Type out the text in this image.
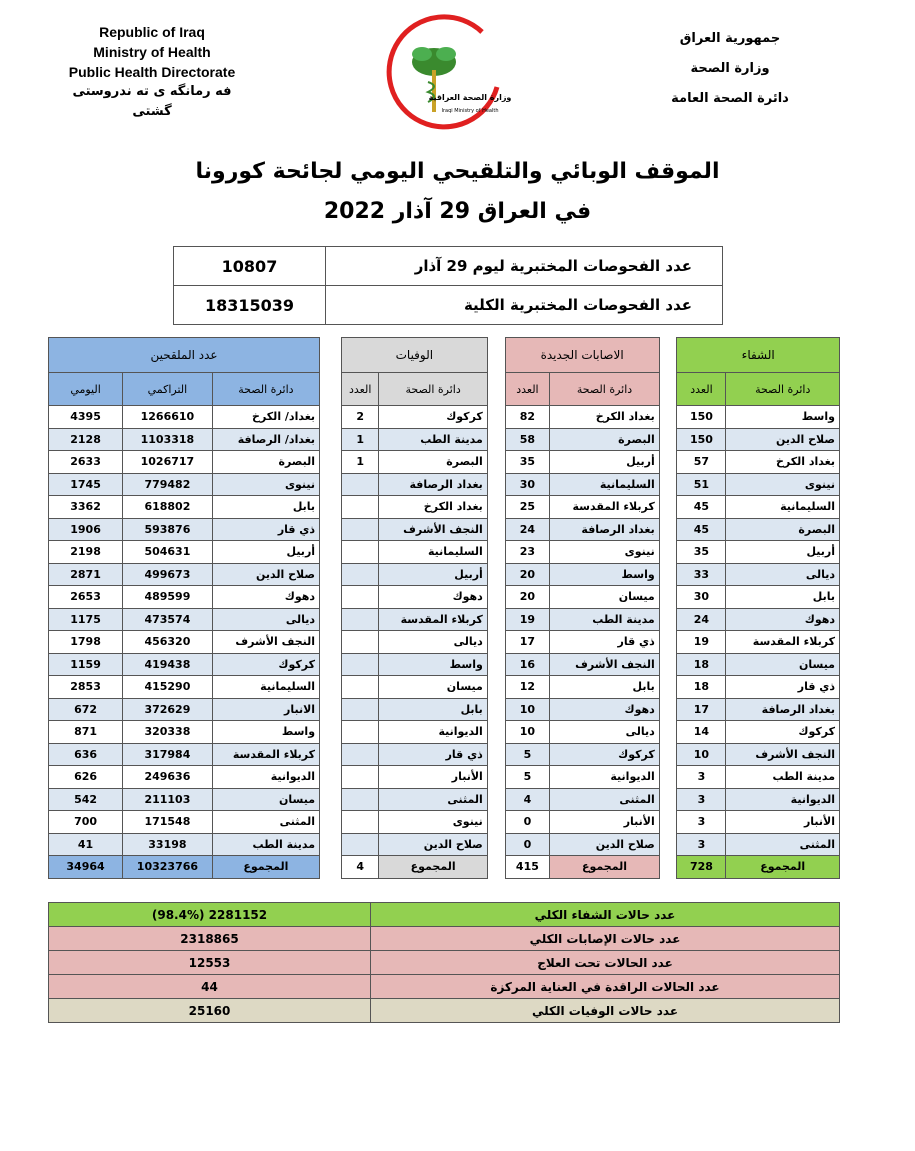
Republic of Iraq
Ministry of Health
Public Health Directorate
فه رمانگه ى ته ندروستى گشتى
وزارة الصحة العراقية
Iraqi Ministry of Health
جمهورية العراق
وزارة الصحة
دائرة الصحة العامة
الموقف الوبائي والتلقيحي اليومي لجائحة كورونا
في العراق 29 آذار 2022
عدد الفحوصات المختبرية ليوم 29 آذار	10807
عدد الفحوصات المختبرية الكلية	18315039
الشفاء			الاصابات الجديدة			الوفيات			عدد الملقحين		
دائرة الصحة	العدد		دائرة الصحة	العدد		دائرة الصحة	العدد		دائرة الصحة	التراكمي	اليومي
واسط	150		بغداد الكرخ	82		كركوك	2		بغداد/ الكرخ	1266610	4395
صلاح الدين	150		البصرة	58		مدينة الطب	1		بغداد/ الرصافة	1103318	2128
بغداد الكرخ	57		أربيل	35		البصرة	1		البصرة	1026717	2633
نينوى	51		السليمانية	30		بغداد الرصافة			نينوى	779482	1745
السليمانية	45		كربلاء المقدسة	25		بغداد الكرخ			بابل	618802	3362
البصرة	45		بغداد الرصافة	24		النجف الأشرف			ذي قار	593876	1906
أربيل	35		نينوى	23		السليمانية			أربيل	504631	2198
ديالى	33		واسط	20		أربيل			صلاح الدين	499673	2871
بابل	30		ميسان	20		دهوك			دهوك	489599	2653
دهوك	24		مدينة الطب	19		كربلاء المقدسة			ديالى	473574	1175
كربلاء المقدسة	19		ذي قار	17		ديالى			النجف الأشرف	456320	1798
ميسان	18		النجف الأشرف	16		واسط			كركوك	419438	1159
ذي قار	18		بابل	12		ميسان			السليمانية	415290	2853
بغداد الرصافة	17		دهوك	10		بابل			الانبار	372629	672
كركوك	14		ديالى	10		الديوانية			واسط	320338	871
النجف الأشرف	10		كركوك	5		ذي قار			كربلاء المقدسة	317984	636
مدينة الطب	3		الديوانية	5		الأنبار			الديوانية	249636	626
الديوانية	3		المثنى	4		المثنى			ميسان	211103	542
الأنبار	3		الأنبار	0		نينوى			المثنى	171548	700
المثنى	3		صلاح الدين	0		صلاح الدين			مدينة الطب	33198	41
المجموع	728		المجموع	415		المجموع	4		المجموع	10323766	34964
عدد حالات الشفاء الكلي	2281152 (98.4%)
عدد حالات الإصابات الكلي	2318865
عدد الحالات تحت العلاج	12553
عدد الحالات الراقدة في العناية المركزة	44
عدد حالات الوفيات الكلي	25160
